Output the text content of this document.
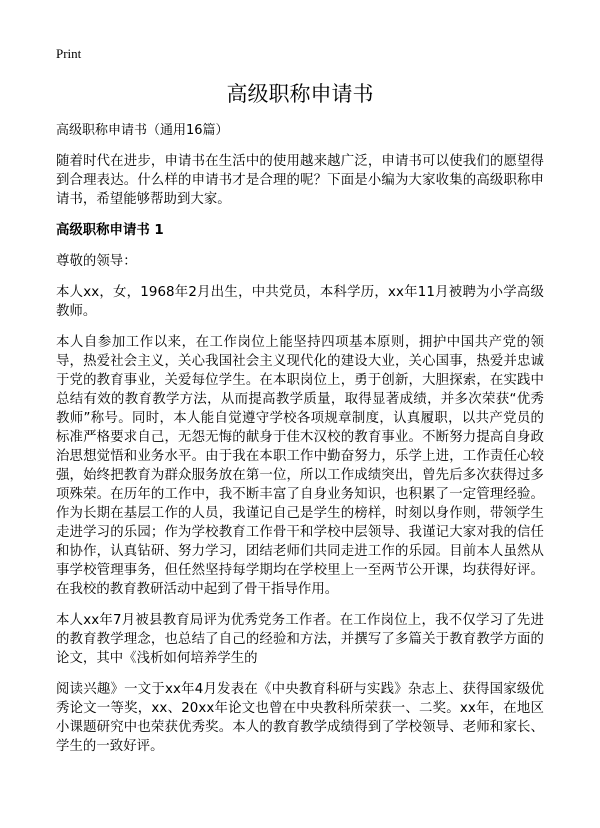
Print
高级职称申请书
高级职称申请书（通用16篇）

随着时代在进步，申请书在生活中的使用越来越广泛，申请书可以使我们的愿望得到合理表达。什么样的申请书才是合理的呢？下面是小编为大家收集的高级职称申请书，希望能够帮助到大家。

高级职称申请书 1

尊敬的领导：

本人xx，女，1968年2月出生，中共党员，本科学历，xx年11月被聘为小学高级教师。

本人自参加工作以来，在工作岗位上能坚持四项基本原则，拥护中国共产党的领导，热爱社会主义，关心我国社会主义现代化的建设大业，关心国事，热爱并忠诚于党的教育事业，关爱每位学生。在本职岗位上，勇于创新，大胆探索，在实践中总结有效的教育教学方法，从而提高教学质量，取得显著成绩，并多次荣获“优秀教师”称号。同时，本人能自觉遵守学校各项规章制度，认真履职，以共产党员的标准严格要求自己，无怨无悔的献身于佳木汉校的教育事业。不断努力提高自身政治思想觉悟和业务水平。由于我在本职工作中勤奋努力，乐学上进，工作责任心较强，始终把教育为群众服务放在第一位，所以工作成绩突出，曾先后多次获得过多项殊荣。在历年的工作中，我不断丰富了自身业务知识，也积累了一定管理经验。作为长期在基层工作的人员，我谨记自己是学生的榜样，时刻以身作则，带领学生走进学习的乐园；作为学校教育工作骨干和学校中层领导、我谨记大家对我的信任和协作，认真钻研、努力学习，团结老师们共同走进工作的乐园。目前本人虽然从事学校管理事务，但任然坚持每学期均在学校里上一至两节公开课，均获得好评。在我校的教育教研活动中起到了骨干指导作用。

本人xx年7月被县教育局评为优秀党务工作者。在工作岗位上，我不仅学习了先进的教育教学理念，也总结了自己的经验和方法，并撰写了多篇关于教育教学方面的论文，其中《浅析如何培养学生的

阅读兴趣》一文于xx年4月发表在《中央教育科研与实践》杂志上、获得国家级优秀论文一等奖，xx、20xx年论文也曾在中央教科所荣获一、二奖。xx年，在地区小课题研究中也荣获优秀奖。本人的教育教学成绩得到了学校领导、老师和家长、学生的一致好评。
